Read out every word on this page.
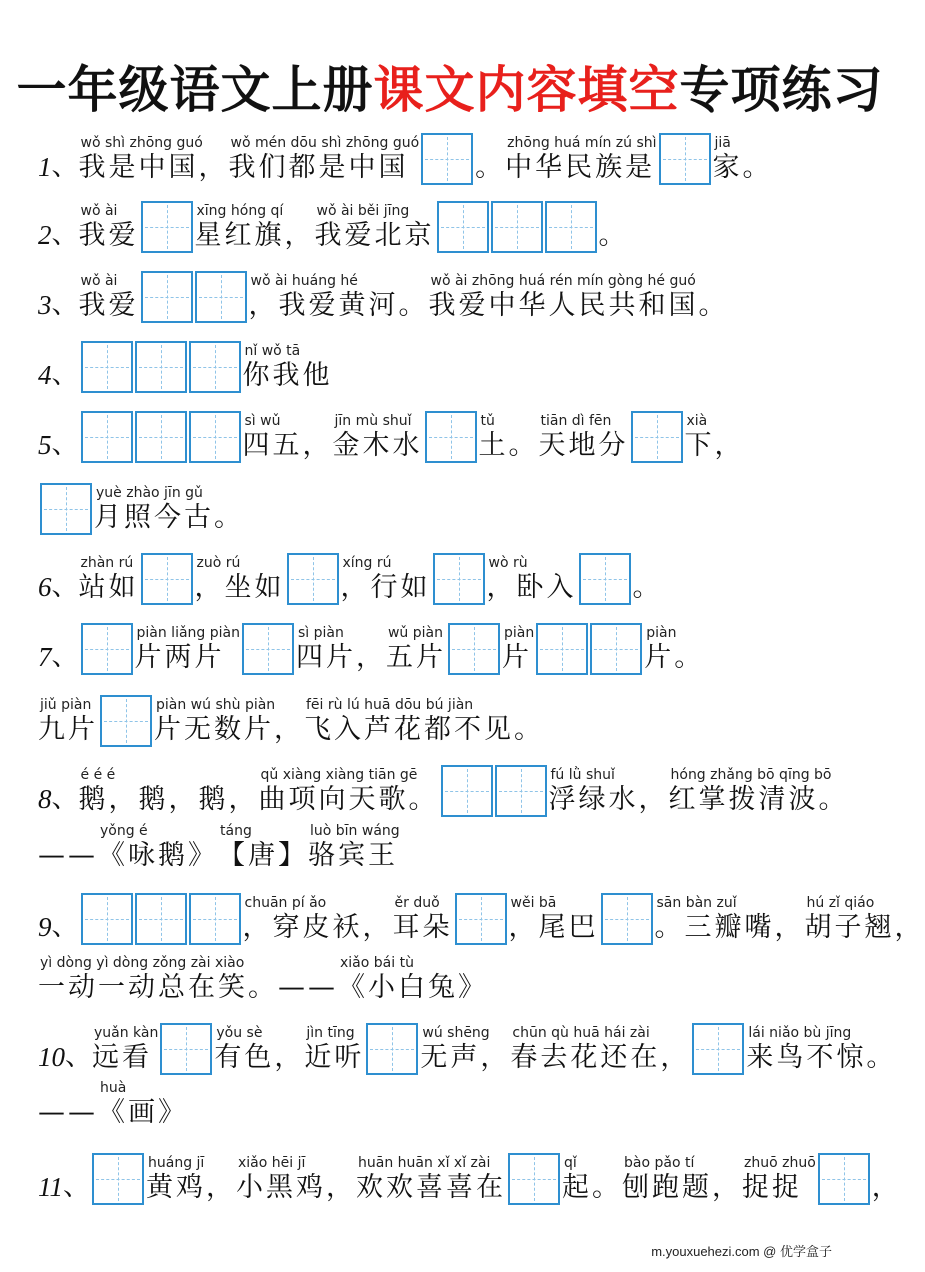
一年级语文上册课文内容填空专项练习
1 、
wǒ shì zhōng guó
我是中国，
wǒ mén dōu shì zhōng guó
我们都是中国 。
zhōng huá mín zú shì
中华民族是
jiā
家。
2 、
wǒ ài
我爱
xīng hóng qí
星红旗，
wǒ ài běi jīng
我爱北京	。
3 、
wǒ ài
我爱
wǒ ài huáng hé
，我爱黄河。
wǒ ài zhōng huá rén mín gòng hé guó
我爱中华人民共和国。
4 、
nǐ wǒ tā
你我他
5 、
sì wǔ
四五，
jīn mù shuǐ
金木水
tǔ
土。
tiān dì fēn
天地分
xià
下，
yuè zhào jīn gǔ
月照今古。
6 、
zhàn rú
站如
zuò rú
，坐如
xíng rú
，行如
wò rù
，卧入 。
7 、
piàn liǎng piàn
片两片
sì piàn
四片，
wǔ piàn
五片
piàn
片
piàn
片。
jiǔ piàn
九片
piàn wú shù piàn
片无数片，
fēi rù lú huā dōu bú jiàn
飞入芦花都不见。
8 、
é é é
鹅，鹅，鹅，
qǔ xiàng xiàng tiān gē
曲项向天歌。
fú lǜ shuǐ
浮绿水，
hóng zhǎng bō qīng bō
红掌拨清波。
——
yǒng é
《咏鹅》
táng
【唐】
luò bīn wáng
骆宾王
9 、
chuān pí ǎo
，穿皮袄，
ěr duǒ
耳朵
wěi bā
，尾巴
sān bàn zuǐ
。三瓣嘴，
hú zǐ qiáo
胡子翘，
yì dòng yì dòng zǒng zài xiào
一动一动总在笑。——
xiǎo bái tù
《小白兔》
10 、
yuǎn kàn
远看
yǒu sè
有色，
jìn tīng
近听
wú shēng
无声，
chūn qù huā hái zài
春去花还在，
lái niǎo bù jīng
来鸟不惊。
——
huà
《画》
11 、
huáng jī
黄鸡，
xiǎo hēi jī
小黑鸡，
huān huān xǐ xǐ zài
欢欢喜喜在
qǐ
起。
bào pǎo tí
刨跑题，
zhuō zhuō
捉捉	，
m.youxuehezi.com @ 优学盒子
